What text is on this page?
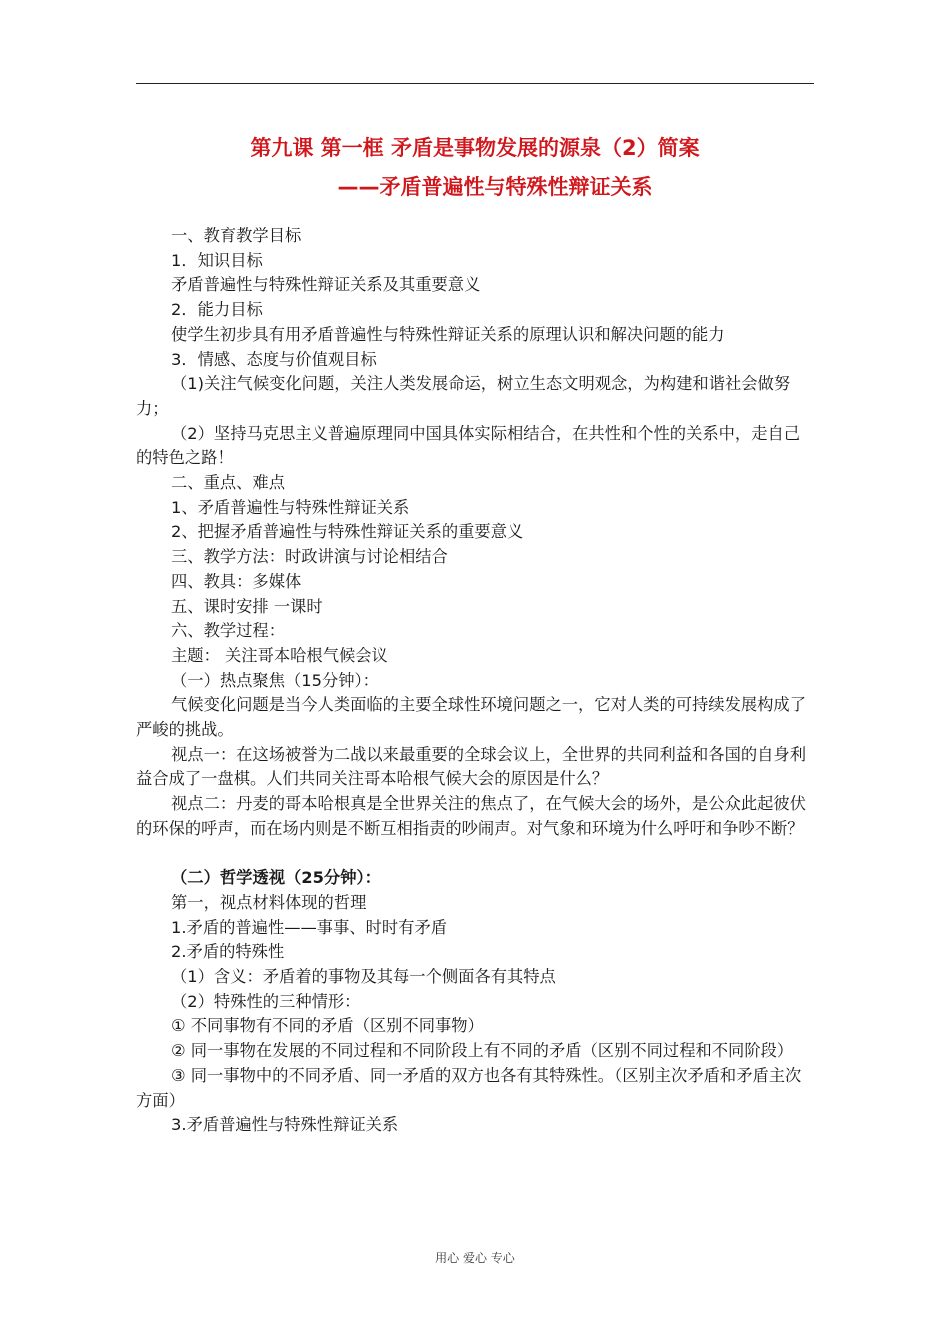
第九课 第一框 矛盾是事物发展的源泉（2）简案
——矛盾普遍性与特殊性辩证关系

一、教育教学目标

1．知识目标

矛盾普遍性与特殊性辩证关系及其重要意义

2．能力目标

使学生初步具有用矛盾普遍性与特殊性辩证关系的原理认识和解决问题的能力

3．情感、态度与价值观目标

（1)关注气候变化问题，关注人类发展命运，树立生态文明观念，为构建和谐社会做努力；

（2）坚持马克思主义普遍原理同中国具体实际相结合，在共性和个性的关系中，走自己的特色之路！

二、重点、难点

1、矛盾普遍性与特殊性辩证关系

2、把握矛盾普遍性与特殊性辩证关系的重要意义

三、教学方法：时政讲演与讨论相结合

四、教具：多媒体

五、课时安排 一课时

六、教学过程：

主题： 关注哥本哈根气候会议

（一）热点聚焦（15分钟）：

气候变化问题是当今人类面临的主要全球性环境问题之一，它对人类的可持续发展构成了严峻的挑战。

视点一：在这场被誉为二战以来最重要的全球会议上，全世界的共同利益和各国的自身利益合成了一盘棋。人们共同关注哥本哈根气候大会的原因是什么？

视点二：丹麦的哥本哈根真是全世界关注的焦点了，在气候大会的场外，是公众此起彼伏的环保的呼声，而在场内则是不断互相指责的吵闹声。对气象和环境为什么呼吁和争吵不断？

（二）哲学透视（25分钟）：

第一，视点材料体现的哲理

1.矛盾的普遍性——事事、时时有矛盾

2.矛盾的特殊性

（1）含义：矛盾着的事物及其每一个侧面各有其特点

（2）特殊性的三种情形：

① 不同事物有不同的矛盾（区别不同事物）

② 同一事物在发展的不同过程和不同阶段上有不同的矛盾（区别不同过程和不同阶段）

③ 同一事物中的不同矛盾、同一矛盾的双方也各有其特殊性。（区别主次矛盾和矛盾主次方面）

3.矛盾普遍性与特殊性辩证关系

用心 爱心 专心
